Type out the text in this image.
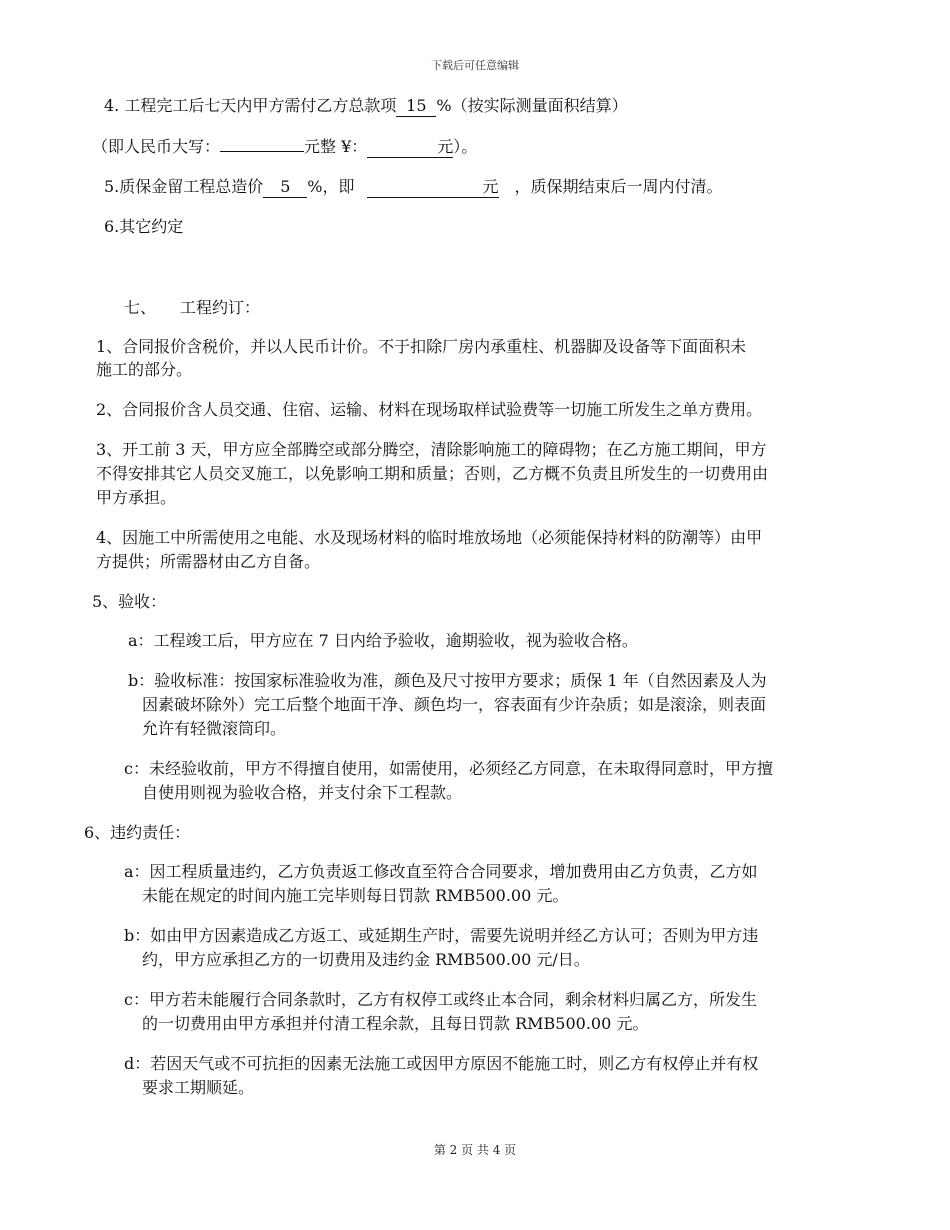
下载后可任意编辑
4. 工程完工后七天内甲方需付乙方总款项 15%（按实际测量面积结算）
（即人民币大写：	元整 ¥：	元）。
5.质保金留工程总造价 5 %，即	元 ，质保期结束后一周内付清。
6.其它约定
七、 工程约订：
1、合同报价含税价，并以人民币计价。不于扣除厂房内承重柱、机器脚及设备等下面面积未
施工的部分。
2、合同报价含人员交通、住宿、运输、材料在现场取样试验费等一切施工所发生之单方费用。
3、开工前 3 天，甲方应全部腾空或部分腾空，清除影响施工的障碍物；在乙方施工期间，甲方
不得安排其它人员交叉施工，以免影响工期和质量；否则，乙方概不负责且所发生的一切费用由
甲方承担。
4、因施工中所需使用之电能、水及现场材料的临时堆放场地（必须能保持材料的防潮等）由甲
方提供；所需器材由乙方自备。
5、验收：
a：工程竣工后，甲方应在 7 日内给予验收，逾期验收，视为验收合格。
b：验收标准：按国家标准验收为准，颜色及尺寸按甲方要求；质保 1 年（自然因素及人为
因素破坏除外）完工后整个地面干净、颜色均一，容表面有少许杂质；如是滚涂，则表面
允许有轻微滚筒印。
c：未经验收前，甲方不得擅自使用，如需使用，必须经乙方同意，在未取得同意时，甲方擅
自使用则视为验收合格，并支付余下工程款。
6、违约责任：
a：因工程质量违约，乙方负责返工修改直至符合合同要求，增加费用由乙方负责，乙方如
未能在规定的时间内施工完毕则每日罚款 RMB500.00 元。
b：如由甲方因素造成乙方返工、或延期生产时，需要先说明并经乙方认可；否则为甲方违
约，甲方应承担乙方的一切费用及违约金 RMB500.00 元/日。
c：甲方若未能履行合同条款时，乙方有权停工或终止本合同，剩余材料归属乙方，所发生
的一切费用由甲方承担并付清工程余款，且每日罚款 RMB500.00 元。
d：若因天气或不可抗拒的因素无法施工或因甲方原因不能施工时，则乙方有权停止并有权
要求工期顺延。
第 2 页 共 4 页
